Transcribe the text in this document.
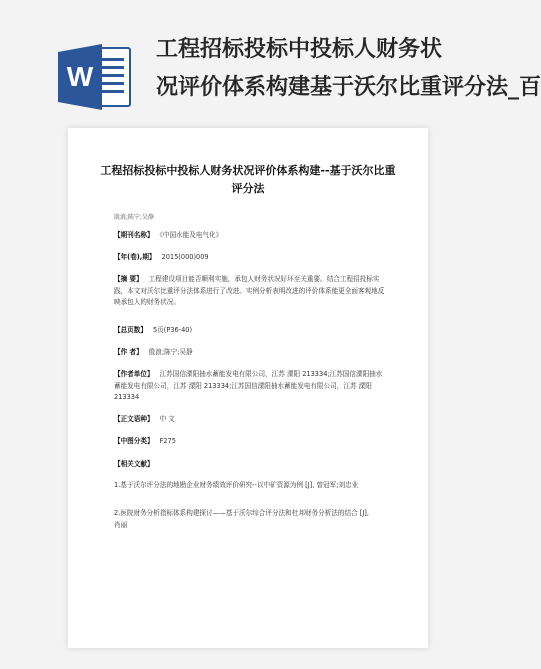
W
工程招标投标中投标人财务状
况评价体系构建基于沃尔比重评分法_百
工程招标投标中投标人财务状况评价体系构建--基于沃尔比重评分法
殷浪;陈宁;吴静
【期刊名称】 《中国水能及电气化》
【年(卷),期】 2015(000)009
【摘 要】 工程建设项目能否顺利实施，承包人财务状况好坏至关重要。结合工程招投标实践，本文对沃尔比重评分法体系进行了改进。实例分析表明改进的评价体系能更全面客观地反映承包人的财务状况。
【总页数】 5页(P36-40)
【作 者】 殷浪;陈宁;吴静
【作者单位】 江苏国信溧阳抽水蓄能发电有限公司，江苏 溧阳 213334;江苏国信溧阳抽水蓄能发电有限公司，江苏 溧阳 213334;江苏国信溧阳抽水蓄能发电有限公司，江苏 溧阳 213334
【正文语种】 中 文
【中图分类】 F275
【相关文献】
1.基于沃尔评分法的地勘企业财务绩效评价研究--以中矿资源为例 [J], 曾冠军;刘忠业
2.医院财务分析指标体系构建探讨——基于沃尔综合评分法和杜邦财务分析法的结合 [J], 肖丽
